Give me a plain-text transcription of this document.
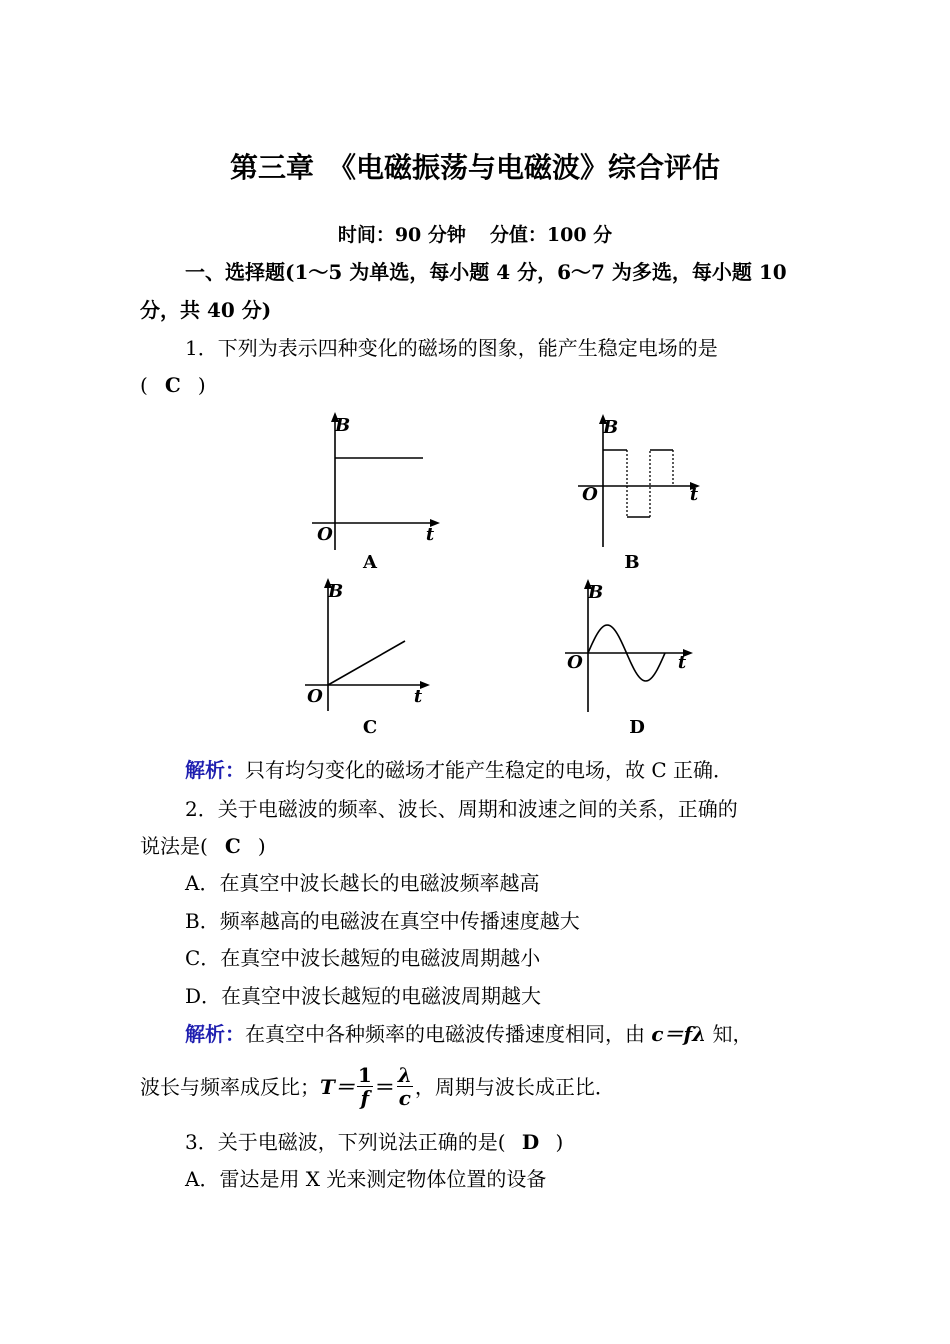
第三章　《电磁振荡与电磁波》综合评估
时间：90 分钟 分值：100 分
一、选择题(1～5 为单选，每小题 4 分，6～7 为多选，每小题 10
分，共 40 分)
1．下列为表示四种变化的磁场的图象，能产生稳定电场的是
( C )
B
O	t
A
B
O	t
B
B
O	t
C
B
O	t
D
解析：只有均匀变化的磁场才能产生稳定的电场，故 C 正确．
2．关于电磁波的频率、波长、周期和波速之间的关系，正确的
说法是( C )
A．在真空中波长越长的电磁波频率越高
B．频率越高的电磁波在真空中传播速度越大
C．在真空中波长越短的电磁波周期越小
D．在真空中波长越短的电磁波周期越大
解析：在真空中各种频率的电磁波传播速度相同，由 c＝fλ 知，
波长与频率成反比；$T= \frac{1}{f} = \frac{\lambda}{c}$ ，周期与波长成正比．
3．关于电磁波，下列说法正确的是( D )
A．雷达是用 X 光来测定物体位置的设备
